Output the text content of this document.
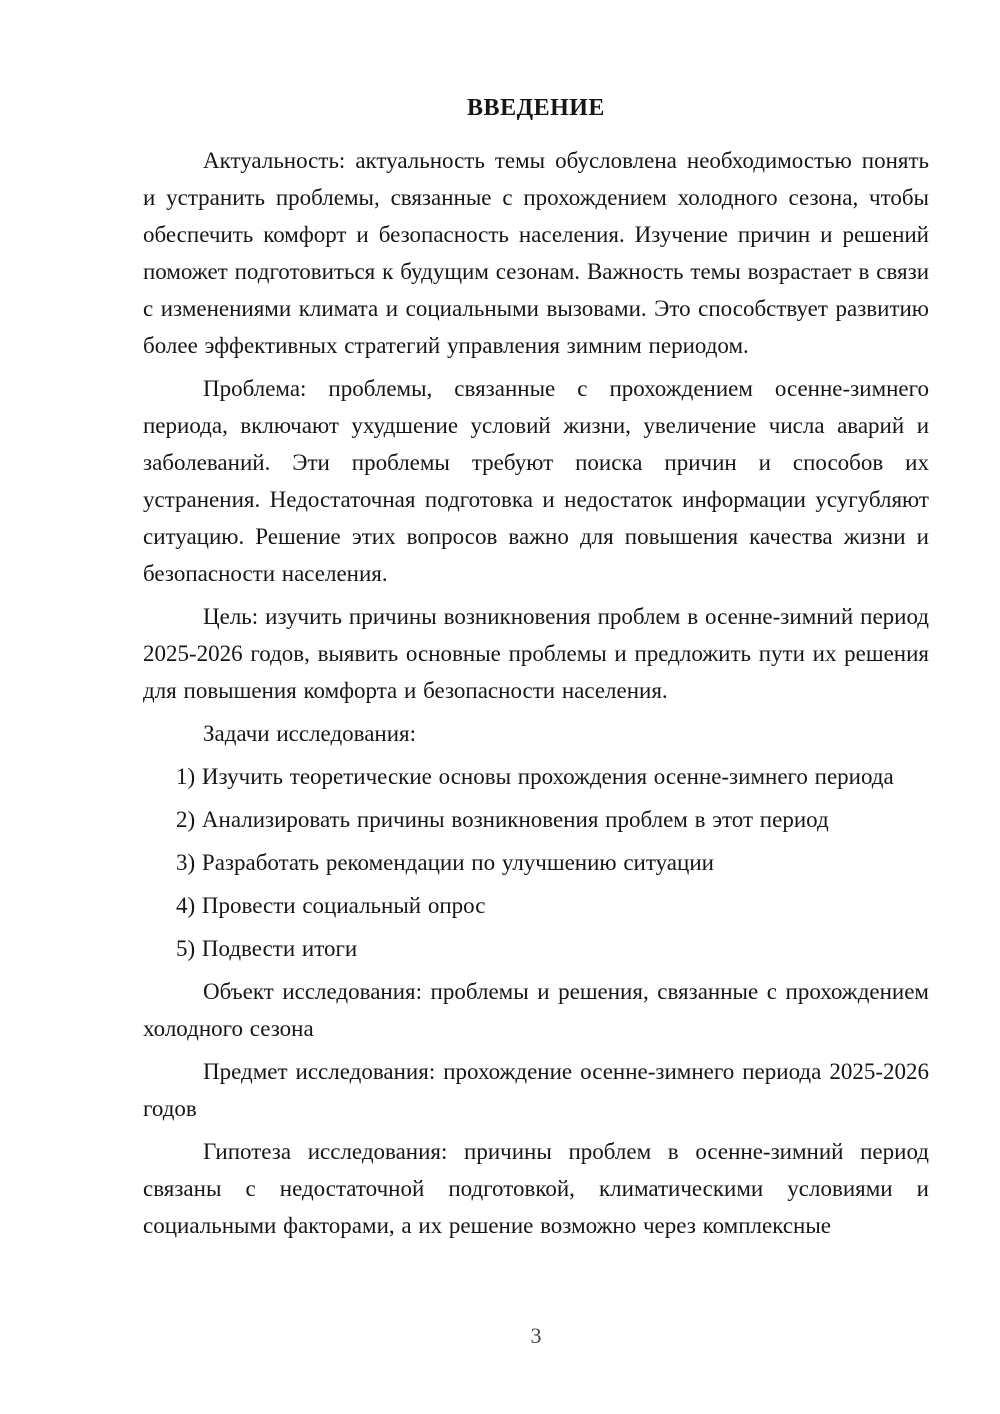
ВВЕДЕНИЕ

Актуальность: актуальность темы обусловлена необходимостью понять и устранить проблемы, связанные с прохождением холодного сезона, чтобы обеспечить комфорт и безопасность населения. Изучение причин и решений поможет подготовиться к будущим сезонам. Важность темы возрастает в связи с изменениями климата и социальными вызовами. Это способствует развитию более эффективных стратегий управления зимним периодом.

Проблема: проблемы, связанные с прохождением осенне-зимнего периода, включают ухудшение условий жизни, увеличение числа аварий и заболеваний. Эти проблемы требуют поиска причин и способов их устранения. Недостаточная подготовка и недостаток информации усугубляют ситуацию. Решение этих вопросов важно для повышения качества жизни и безопасности населения.

Цель: изучить причины возникновения проблем в осенне-зимний период 2025-2026 годов, выявить основные проблемы и предложить пути их решения для повышения комфорта и безопасности населения.

Задачи исследования:

1) Изучить теоретические основы прохождения осенне-зимнего периода

2) Анализировать причины возникновения проблем в этот период

3) Разработать рекомендации по улучшению ситуации

4) Провести социальный опрос

5) Подвести итоги

Объект исследования: проблемы и решения, связанные с прохождением холодного сезона

Предмет исследования: прохождение осенне-зимнего периода 2025-2026 годов

Гипотеза исследования: причины проблем в осенне-зимний период связаны с недостаточной подготовкой, климатическими условиями и социальными факторами, а их решение возможно через комплексные

3
